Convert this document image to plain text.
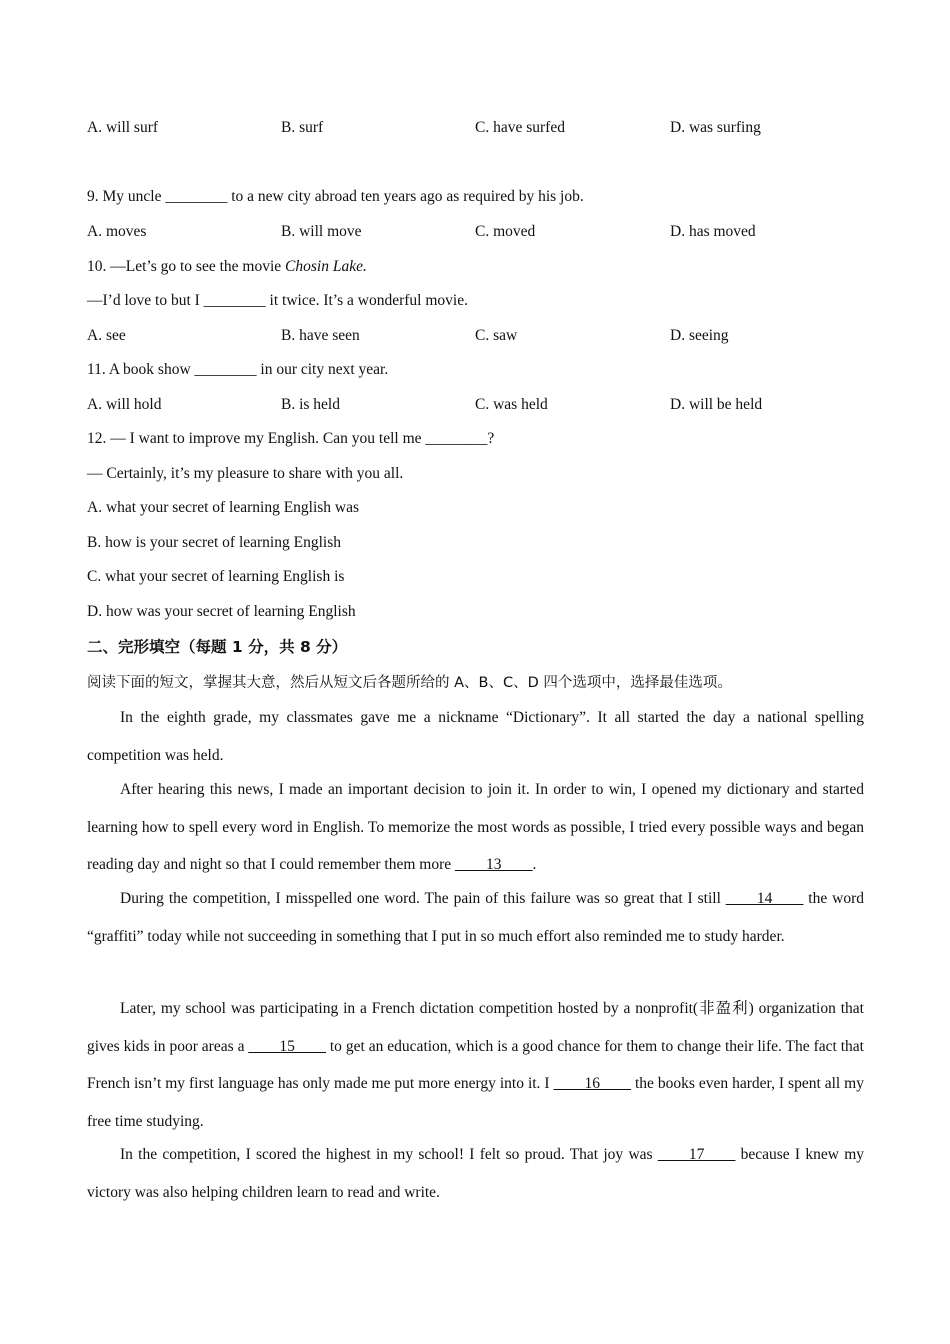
A. will surf	B. surf	C. have surfed	D. was surfing
9. My uncle ________ to a new city abroad ten years ago as required by his job.
A. moves	B. will move	C. moved	D. has moved
10. —Let’s go to see the movie Chosin Lake.
—I’d love to but I ________ it twice. It’s a wonderful movie.
A. see	B. have seen	C. saw	D. seeing
11. A book show ________ in our city next year.
A. will hold	B. is held	C. was held	D. will be held
12. — I want to improve my English. Can you tell me ________?
— Certainly, it’s my pleasure to share with you all.
A. what your secret of learning English was
B. how is your secret of learning English
C. what your secret of learning English is
D. how was your secret of learning English
二、完形填空（每题 1 分，共 8 分）
阅读下面的短文，掌握其大意，然后从短文后各题所给的 A、B、C、D 四个选项中，选择最佳选项。
In the eighth grade, my classmates gave me a nickname “Dictionary”. It all started the day a national spelling competition was held.
After hearing this news, I made an important decision to join it. In order to win, I opened my dictionary and started learning how to spell every word in English. To memorize the most words as possible, I tried every possible ways and began reading day and night so that I could remember them more ____13____.
During the competition, I misspelled one word. The pain of this failure was so great that I still ____14____ the word “graffiti” today while not succeeding in something that I put in so much effort also reminded me to study harder.
Later, my school was participating in a French dictation competition hosted by a nonprofit(非盈利) organization that gives kids in poor areas a ____15____ to get an education, which is a good chance for them to change their life. The fact that French isn’t my first language has only made me put more energy into it. I ____16____ the books even harder, I spent all my free time studying.
In the competition, I scored the highest in my school! I felt so proud. That joy was ____17____ because I knew my victory was also helping children learn to read and write.
